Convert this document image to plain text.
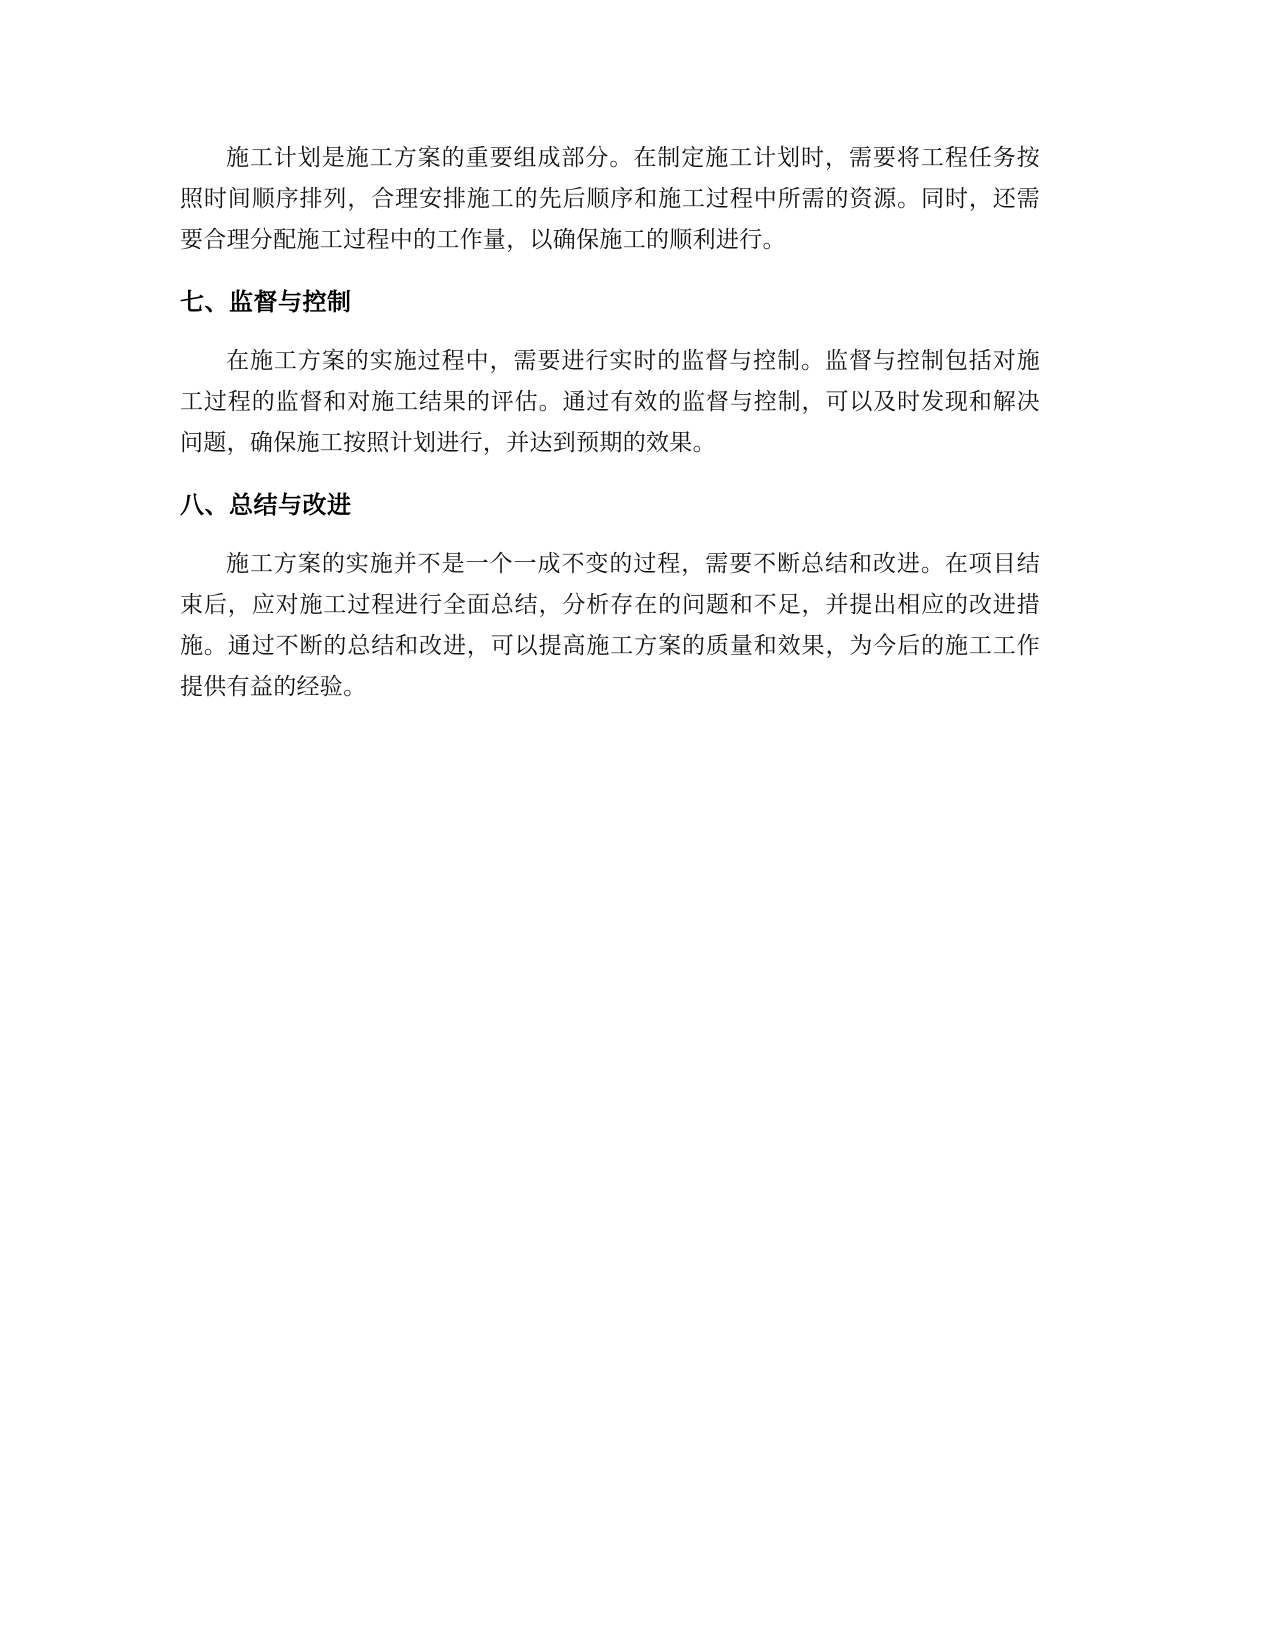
施工计划是施工方案的重要组成部分。在制定施工计划时，需要将工程任务按照时间顺序排列，合理安排施工的先后顺序和施工过程中所需的资源。同时，还需要合理分配施工过程中的工作量，以确保施工的顺利进行。

七、监督与控制

在施工方案的实施过程中，需要进行实时的监督与控制。监督与控制包括对施工过程的监督和对施工结果的评估。通过有效的监督与控制，可以及时发现和解决问题，确保施工按照计划进行，并达到预期的效果。

八、总结与改进

施工方案的实施并不是一个一成不变的过程，需要不断总结和改进。在项目结束后，应对施工过程进行全面总结，分析存在的问题和不足，并提出相应的改进措施。通过不断的总结和改进，可以提高施工方案的质量和效果，为今后的施工工作提供有益的经验。
